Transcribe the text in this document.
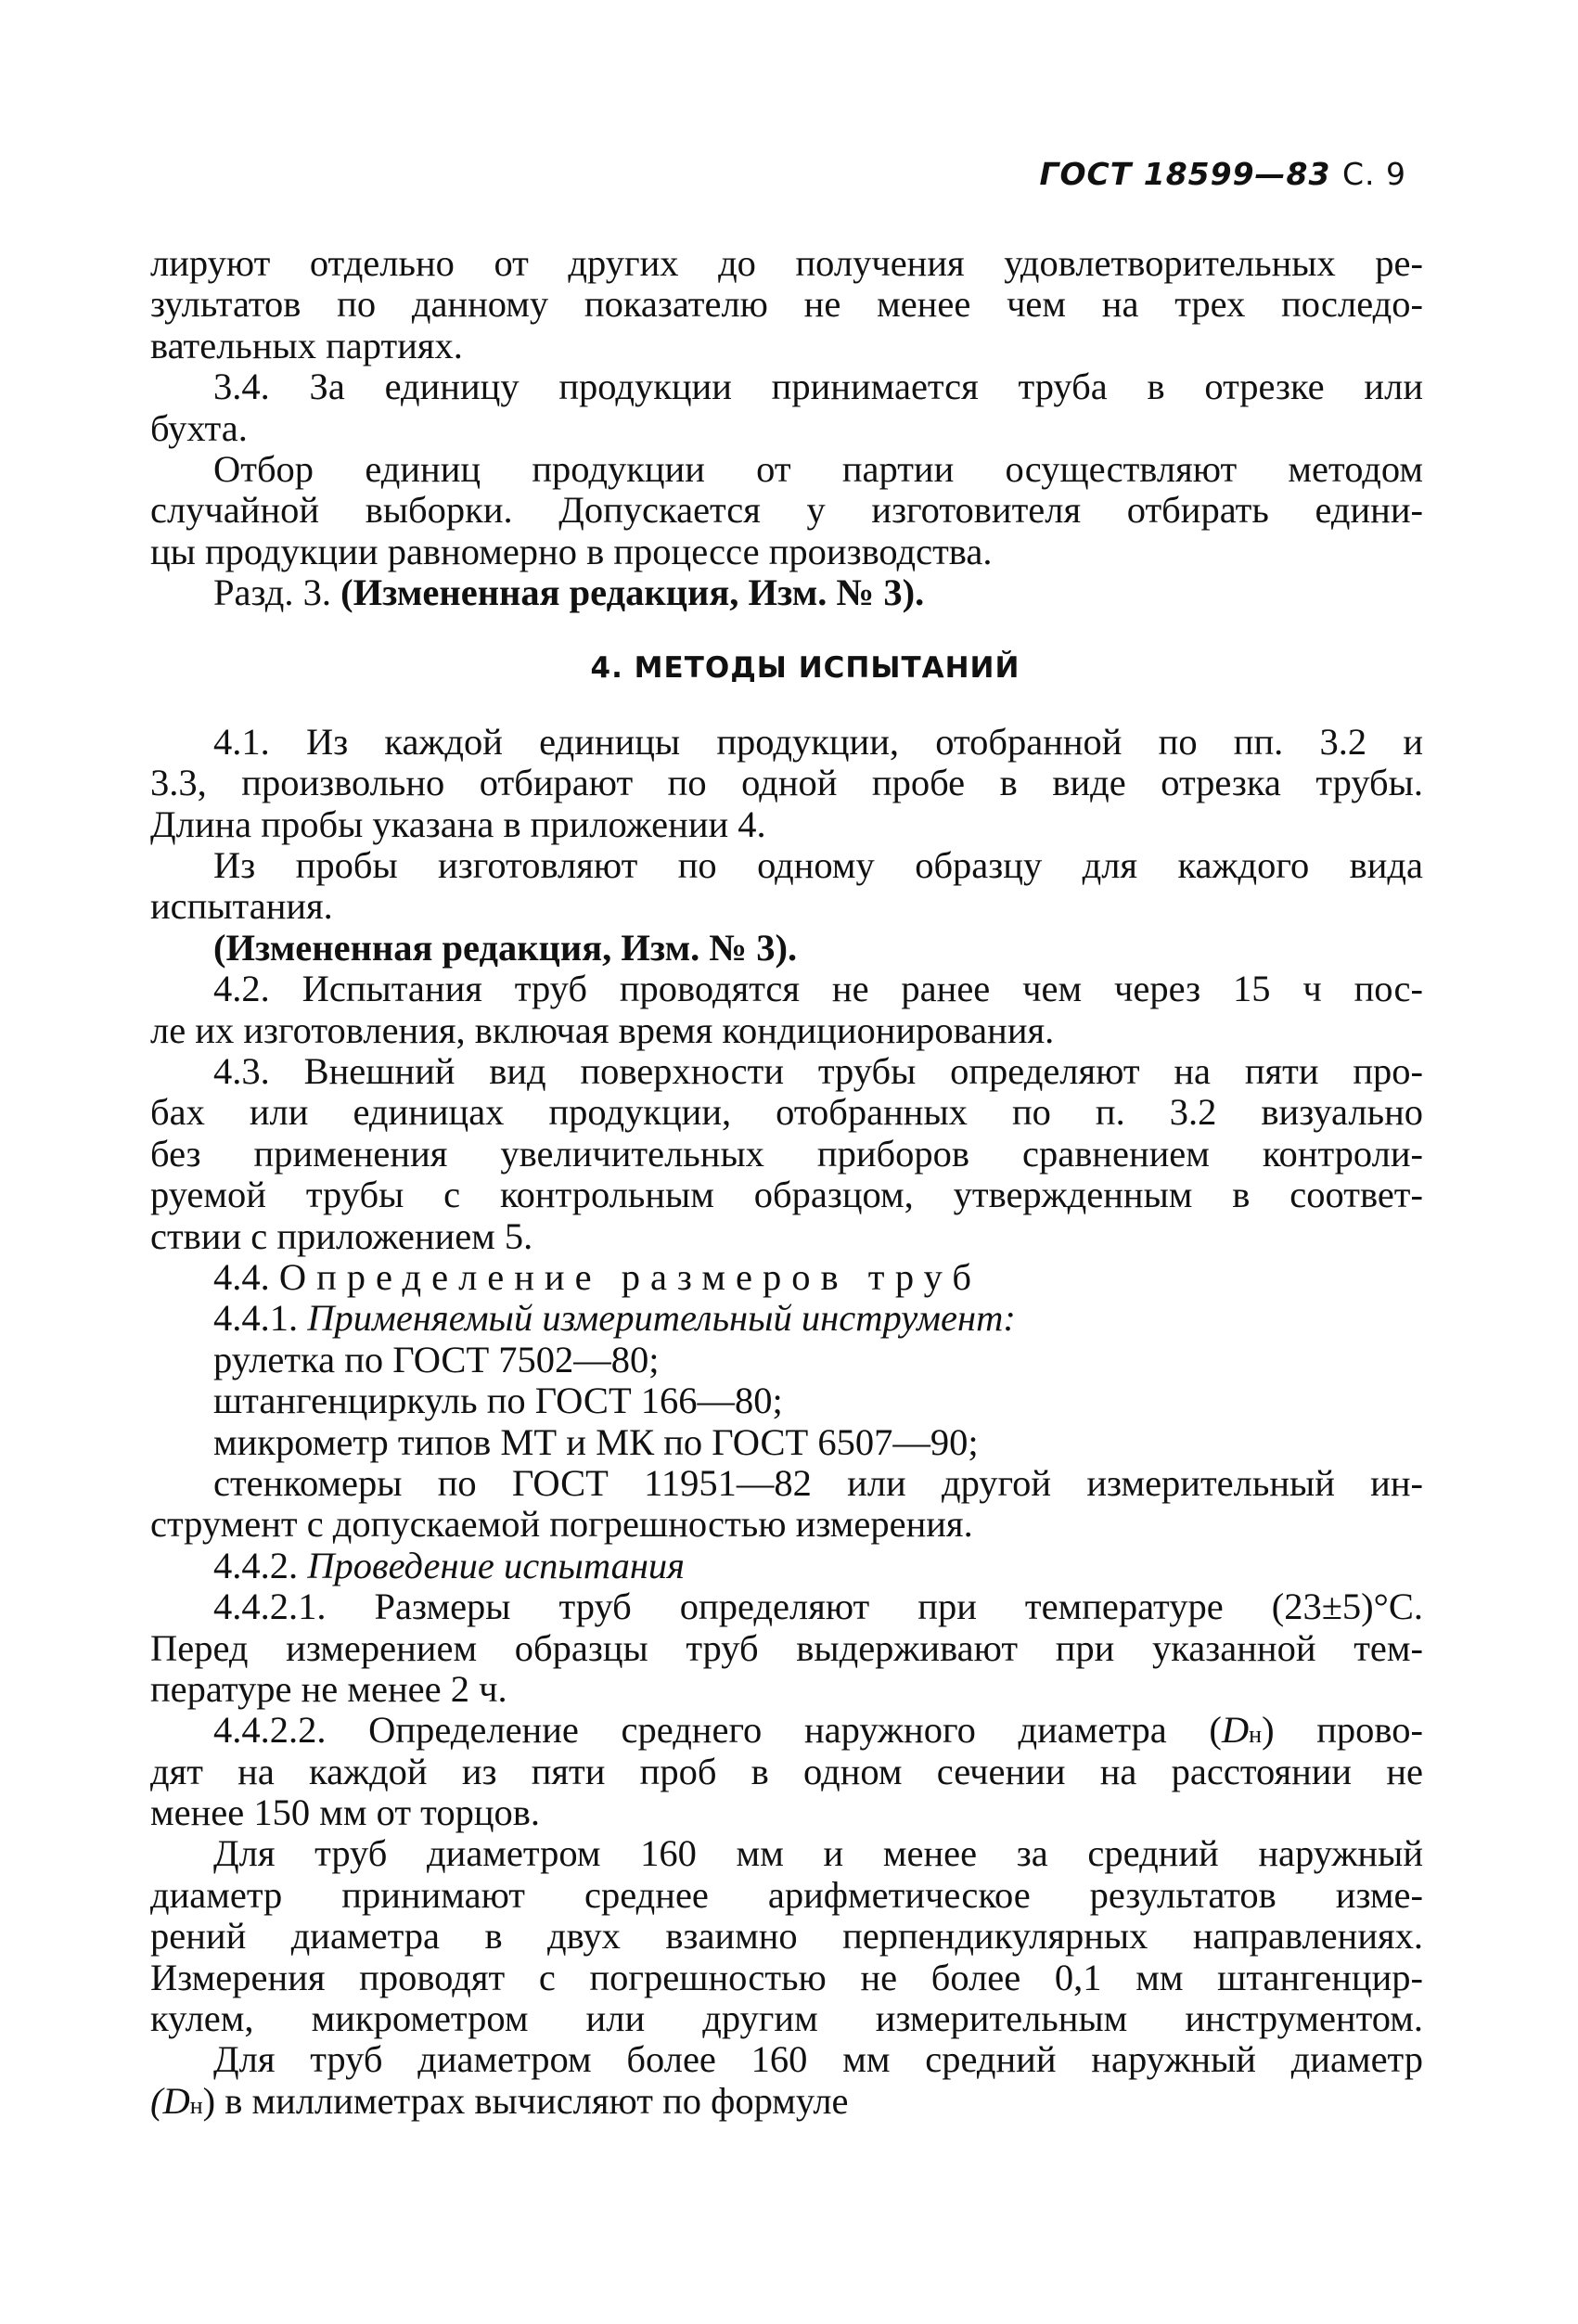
ГОСТ 18599—83 С. 9
лируют отдельно от других до получения удовлетворительных ре-
зультатов по данному показателю не менее чем на трех последо-
вательных партиях.
3.4. За единицу продукции принимается труба в отрезке или
бухта.
Отбор единиц продукции от партии осуществляют методом
случайной выборки. Допускается у изготовителя отбирать едини-
цы продукции равномерно в процессе производства.
Разд. 3. (Измененная редакция, Изм. № 3).
4. МЕТОДЫ ИСПЫТАНИЙ
4.1. Из каждой единицы продукции, отобранной по пп. 3.2 и
3.3, произвольно отбирают по одной пробе в виде отрезка трубы.
Длина пробы указана в приложении 4.
Из пробы изготовляют по одному образцу для каждого вида
испытания.
(Измененная редакция, Изм. № 3).
4.2. Испытания труб проводятся не ранее чем через 15 ч пос-
ле их изготовления, включая время кондиционирования.
4.3. Внешний вид поверхности трубы определяют на пяти про-
бах или единицах продукции, отобранных по п. 3.2 визуально
без применения увеличительных приборов сравнением контроли-
руемой трубы с контрольным образцом, утвержденным в соответ-
ствии с приложением 5.
4.4. Определение размеров труб
4.4.1. Применяемый измерительный инструмент:
рулетка по ГОСТ 7502—80;
штангенциркуль по ГОСТ 166—80;
микрометр типов МТ и МК по ГОСТ 6507—90;
стенкомеры по ГОСТ 11951—82 или другой измерительный ин-
струмент с допускаемой погрешностью измерения.
4.4.2. Проведение испытания
4.4.2.1. Размеры труб определяют при температуре (23±5)°С.
Перед измерением образцы труб выдерживают при указанной тем-
пературе не менее 2 ч.
4.4.2.2. Определение среднего наружного диаметра (Dн) прово-
дят на каждой из пяти проб в одном сечении на расстоянии не
менее 150 мм от торцов.
Для труб диаметром 160 мм и менее за средний наружный
диаметр принимают среднее арифметическое результатов изме-
рений диаметра в двух взаимно перпендикулярных направлениях.
Измерения проводят с погрешностью не более 0,1 мм штангенцир-
кулем, микрометром или другим измерительным инструментом.
Для труб диаметром более 160 мм средний наружный диаметр
(Dн) в миллиметрах вычисляют по формуле
